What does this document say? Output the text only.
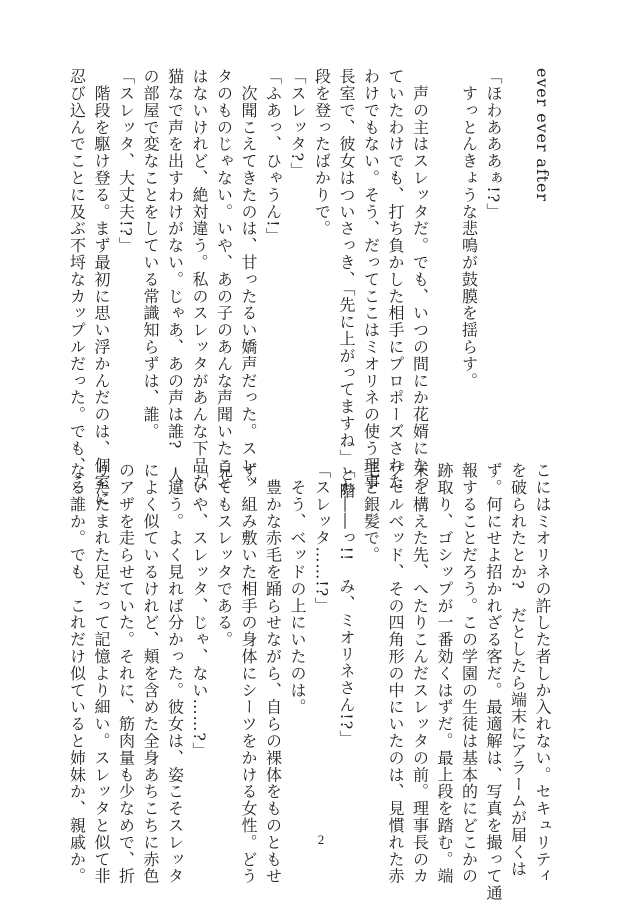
ever ever after

「ほわあああぁ!?」
　すっとんきょうな悲鳴が鼓膜を揺らす。

　声の主はスレッタだ。でも、いつの間にか花婿になっ
ていたわけでも、打ち負かした相手にプロポーズされた
わけでもない。そう、だってここはミオリネの使う理事
長室で、彼女はついさっき、「先に上がってますね」と階
段を登ったばかりで。
「スレッタ?」
「ふあっ、ひゃうん!」
　次聞こえてきたのは、甘ったるい嬌声だった。スレッ
タのものじゃない。いや、あの子のあんな声聞いたこと
はないけれど、絶対違う。私のスレッタがあんな下品な
猫なで声を出すわけがない。じゃあ、あの声は誰?　人
の部屋で変なことをしている常識知らずは、誰。
「スレッタ、大丈夫!?」
　階段を駆け登る。まず最初に思い浮かんだのは、個室に
忍び込んでことに及ぶ不埒なカップルだった。でも、こ
こにはミオリネの許した者しか入れない。セキュリティ
を破られたとか?　だとしたら端末にアラームが届くは
ず。何にせよ招かれざる客だ。最適解は、写真を撮って通
報することだろう。この学園の生徒は基本的にどこかの
跡取り、ゴシップが一番効くはずだ。最上段を踏む。端
末を構えた先、へたりこんだスレッタの前。理事長のカ
プセルベッド、その四角形の中にいたのは、見慣れた赤
毛と銀髪で。
「わ――っ!!　み、ミオリネさん!?」
「スレッタ……!?」
　そう、ベッドの上にいたのは。
　豊かな赤毛を踊らせながら、自らの裸体をものともせ
ず、組み敷いた相手の身体にシーツをかける女性。どう
見てもスレッタである。
「いや、スレッタ、じゃ、ない……?」
　違う。よく見れば分かった。彼女は、姿こそスレッタ
によく似ているけれど、頬を含めた全身あちこちに赤色
のアザを走らせていた。それに、筋肉量も少なめで、折
りたたまれた足だって記憶より細い。スレッタと似て非
なる誰か。でも、これだけ似ていると姉妹か、親戚か。	2
